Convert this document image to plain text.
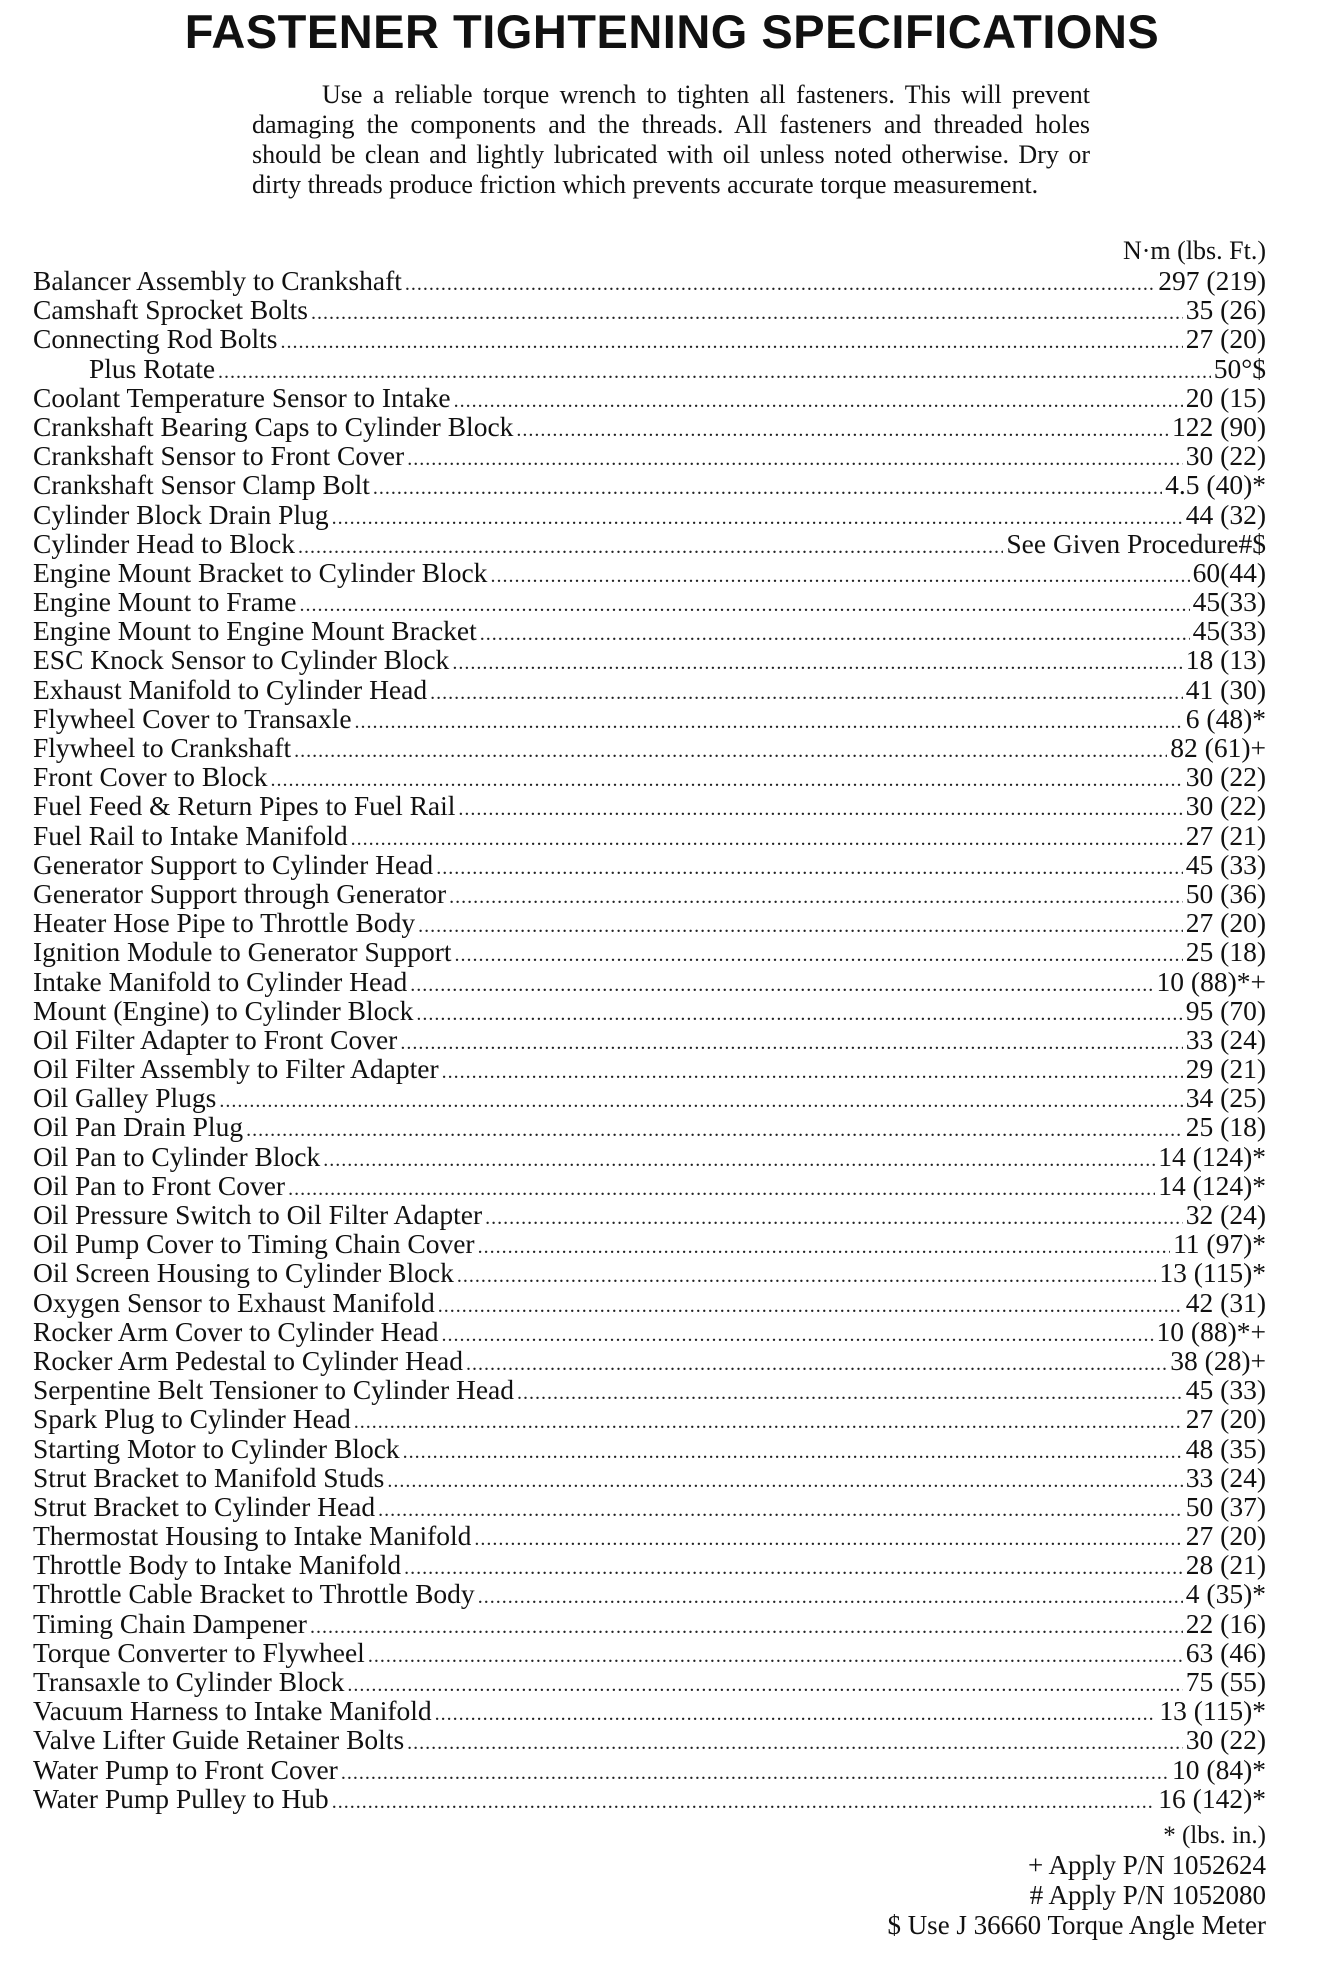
FASTENER TIGHTENING SPECIFICATIONS

Use a reliable torque wrench to tighten all fasteners. This will prevent damaging the components and the threads. All fasteners and threaded holes should be clean and lightly lubricated with oil unless noted otherwise. Dry or dirty threads produce friction which prevents accurate torque measurement.

N·m (lbs. Ft.)
Balancer Assembly to Crankshaft .....	297 (219)
Camshaft Sprocket Bolts .....	35 (26)
Connecting Rod Bolts .....	27 (20)
Plus Rotate .....	50°$
Coolant Temperature Sensor to Intake .....	20 (15)
Crankshaft Bearing Caps to Cylinder Block .....	122 (90)
Crankshaft Sensor to Front Cover .....	30 (22)
Crankshaft Sensor Clamp Bolt .....	4.5 (40)*
Cylinder Block Drain Plug .....	44 (32)
Cylinder Head to Block .....	See Given Procedure#$
Engine Mount Bracket to Cylinder Block .....	60(44)
Engine Mount to Frame .....	45(33)
Engine Mount to Engine Mount Bracket .....	45(33)
ESC Knock Sensor to Cylinder Block .....	18 (13)
Exhaust Manifold to Cylinder Head .....	41 (30)
Flywheel Cover to Transaxle .....	6 (48)*
Flywheel to Crankshaft .....	82 (61)+
Front Cover to Block .....	30 (22)
Fuel Feed & Return Pipes to Fuel Rail .....	30 (22)
Fuel Rail to Intake Manifold .....	27 (21)
Generator Support to Cylinder Head .....	45 (33)
Generator Support through Generator .....	50 (36)
Heater Hose Pipe to Throttle Body .....	27 (20)
Ignition Module to Generator Support .....	25 (18)
Intake Manifold to Cylinder Head .....	10 (88)*+
Mount (Engine) to Cylinder Block .....	95 (70)
Oil Filter Adapter to Front Cover .....	33 (24)
Oil Filter Assembly to Filter Adapter .....	29 (21)
Oil Galley Plugs .....	34 (25)
Oil Pan Drain Plug .....	25 (18)
Oil Pan to Cylinder Block .....	14 (124)*
Oil Pan to Front Cover .....	14 (124)*
Oil Pressure Switch to Oil Filter Adapter .....	32 (24)
Oil Pump Cover to Timing Chain Cover .....	11 (97)*
Oil Screen Housing to Cylinder Block .....	13 (115)*
Oxygen Sensor to Exhaust Manifold .....	42 (31)
Rocker Arm Cover to Cylinder Head .....	10 (88)*+
Rocker Arm Pedestal to Cylinder Head .....	38 (28)+
Serpentine Belt Tensioner to Cylinder Head .....	45 (33)
Spark Plug to Cylinder Head .....	27 (20)
Starting Motor to Cylinder Block .....	48 (35)
Strut Bracket to Manifold Studs .....	33 (24)
Strut Bracket to Cylinder Head .....	50 (37)
Thermostat Housing to Intake Manifold .....	27 (20)
Throttle Body to Intake Manifold .....	28 (21)
Throttle Cable Bracket to Throttle Body .....	4 (35)*
Timing Chain Dampener .....	22 (16)
Torque Converter to Flywheel .....	63 (46)
Transaxle to Cylinder Block .....	75 (55)
Vacuum Harness to Intake Manifold .....	13 (115)*
Valve Lifter Guide Retainer Bolts .....	30 (22)
Water Pump to Front Cover .....	10 (84)*
Water Pump Pulley to Hub .....	16 (142)*
* (lbs. in.)
+ Apply P/N 1052624
# Apply P/N 1052080
$ Use J 36660 Torque Angle Meter
